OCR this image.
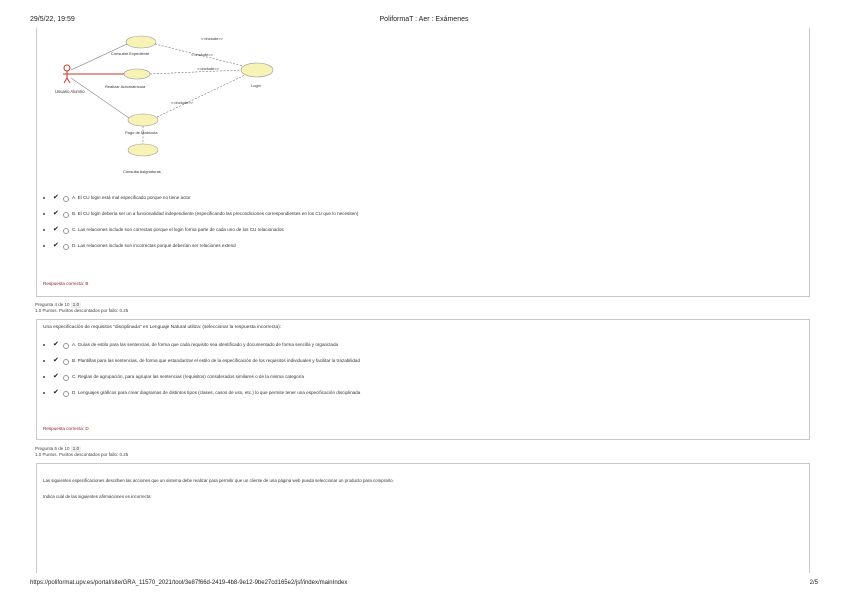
29/5/22, 19:59	PoliformaT : Aer : Exámenes
Usuario Alumno
Consultar Expediente
Realizar Automatrícula	Login
Pago de Matrícula
Consulta Asignaturas
<<include>>
<<include>>
<<include>>
<<include>>
✔	A. El CU login está mal especificado porque no tiene actor
✔	B. El CU login debería ser un a funcionalidad independiente (especificando las precondiciones correspondientes en los CU que lo necesiten)
✔	C. Las relaciones include son correctas porque el login forma parte de cada uno de los CU relacionados
✔	D. Las relaciones include son incorrectas porque deberían ser relaciones extend
Respuesta correcta: B
Pregunta 4 de 10 1.0
1.0 Puntos. Puntos descontados por fallo: 0.25
Una especificación de requisitos "disciplinada" en Lenguaje Natural utiliza: (seleccionar la respuesta incorrecta):
✔	A. Guías de estilo para las sentencias, de forma que cada requisito sea identificado y documentado de forma sencilla y organizada
✔	B. Plantillas para las sentencias, de forma que estandarizar el estilo de la especificación de los requisitos individuales y facilitar la trazabilidad
✔	C. Reglas de agrupación, para agrupar las sentencias (requisitos) considerados similares o de la misma categoría
✔	D. Lenguajes gráficos para crear diagramas de distintos tipos (clases, casos de uso, etc.) lo que permite tener una especificación disciplinada
Respuesta correcta: D
Pregunta 5 de 10 1.0
1.0 Puntos. Puntos descontados por fallo: 0.25
Las siguientes especificaciones describen las acciones que un sistema debe realizar para permitir que un cliente de una página web pueda seleccionar un producto para comprarlo.
Indica cuál de las siguientes afirmaciones es incorrecta:
https://poliformat.upv.es/portal/site/GRA_11570_2021/tool/3e87f66d-2419-4b8-9e12-9be27cd165e2/jsf/index/mainIndex	2/5
